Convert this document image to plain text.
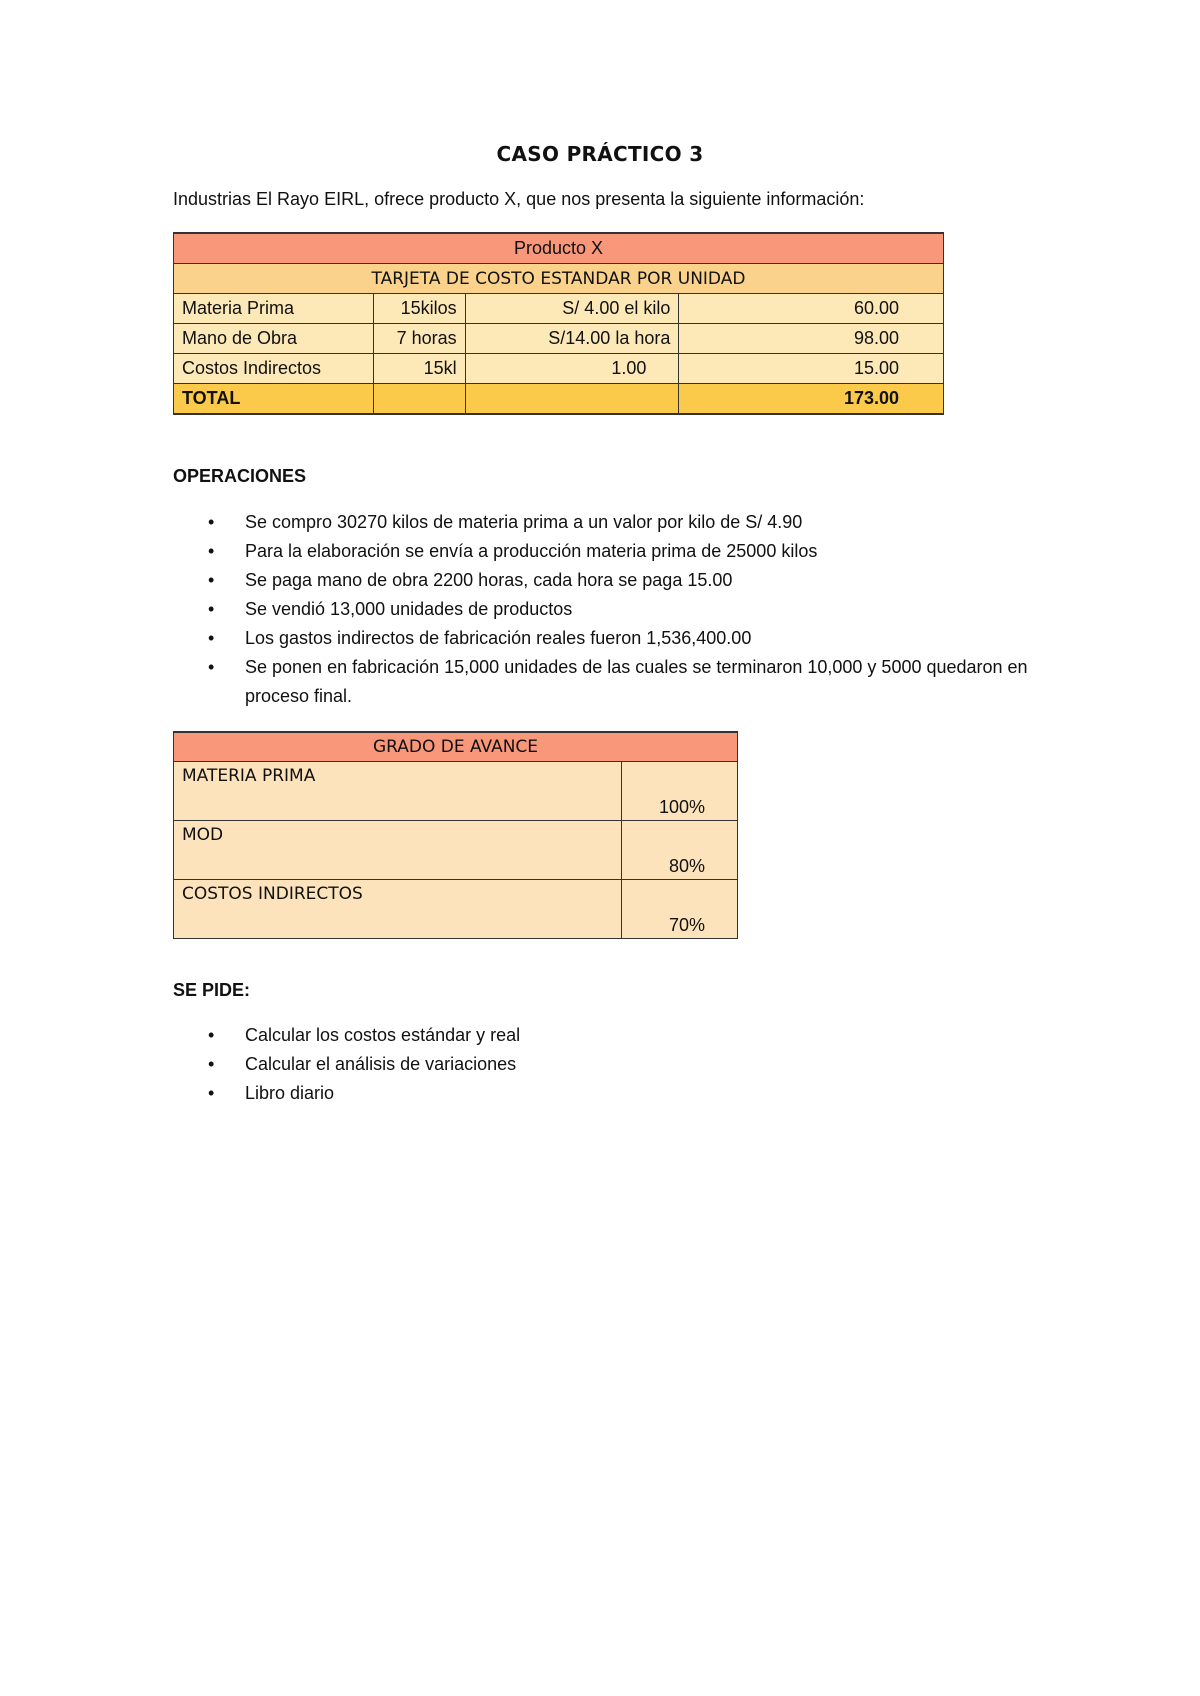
CASO PRÁCTICO 3
Industrias El Rayo EIRL, ofrece producto X, que nos presenta la siguiente información:
Producto X			
TARJETA DE COSTO ESTANDAR POR UNIDAD			
Materia Prima	15kilos	S/ 4.00 el kilo	60.00
Mano de Obra	7 horas	S/14.00 la hora	98.00
Costos Indirectos	15kl	1.00	15.00
TOTAL			173.00
OPERACIONES
• Se compro 30270 kilos de materia prima a un valor por kilo de S/ 4.90
• Para la elaboración se envía a producción materia prima de 25000 kilos
• Se paga mano de obra 2200 horas, cada hora se paga 15.00
• Se vendió 13,000 unidades de productos
• Los gastos indirectos de fabricación reales fueron 1,536,400.00
• Se ponen en fabricación 15,000 unidades de las cuales se terminaron 10,000 y 5000 quedaron en proceso final.
GRADO DE AVANCE	
MATERIA PRIMA	100%
MOD	80%
COSTOS INDIRECTOS	70%
SE PIDE:
• Calcular los costos estándar y real
• Calcular el análisis de variaciones
• Libro diario
